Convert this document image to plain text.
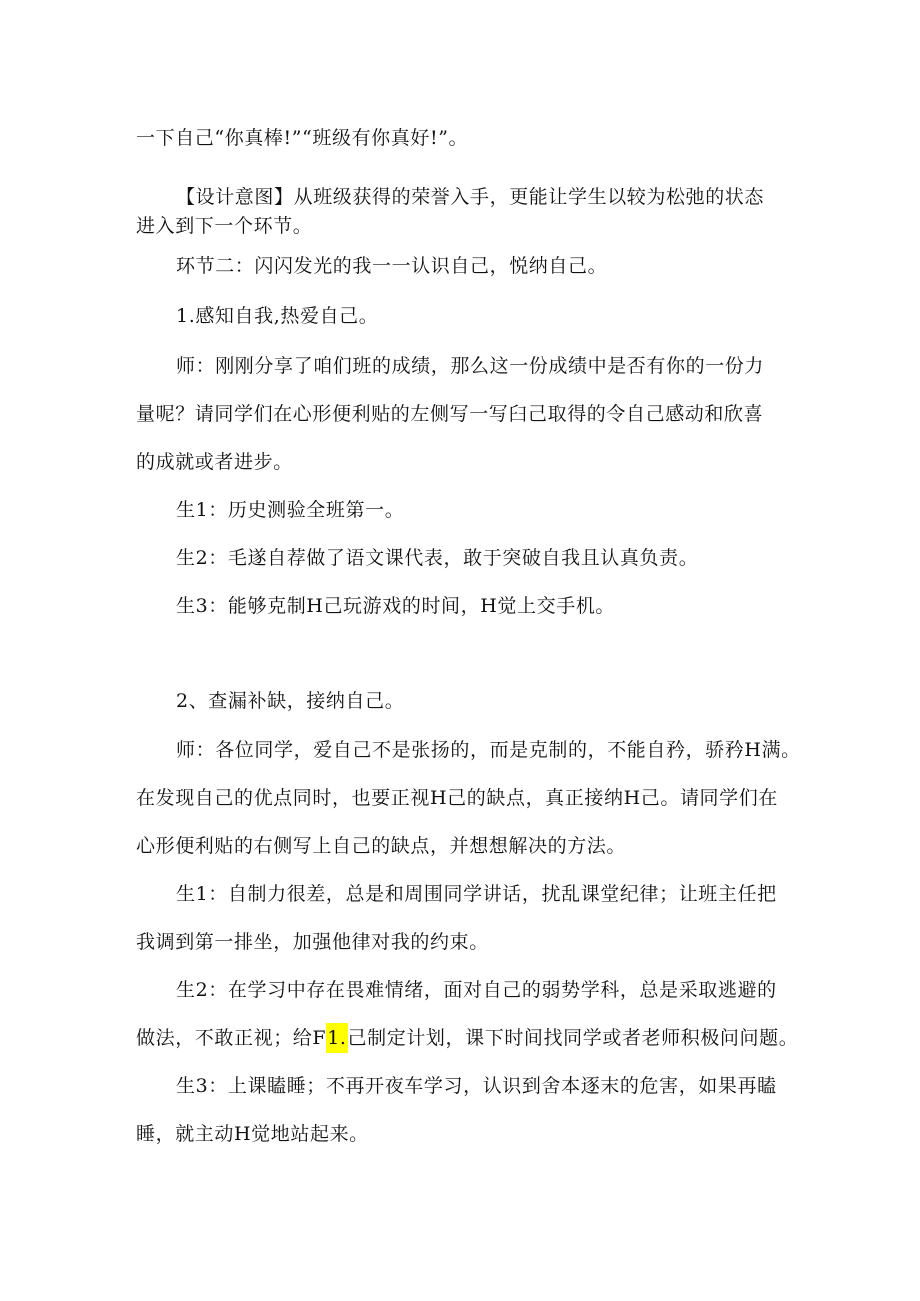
一下自己“你真棒!”“班级有你真好!”。

【设计意图】从班级获得的荣誉入手，更能让学生以较为松弛的状态

进入到下一个环节。

环节二：闪闪发光的我一一认识自己，悦纳自己。

1.感知自我,热爱自己。

师：刚刚分享了咱们班的成绩，那么这一份成绩中是否有你的一份力

量呢？请同学们在心形便利贴的左侧写一写臼己取得的令自己感动和欣喜

的成就或者进步。

生1：历史测验全班第一。

生2：毛遂自荐做了语文课代表，敢于突破自我且认真负责。

生3：能够克制H己玩游戏的时间，H觉上交手机。

2、查漏补缺，接纳自己。

师：各位同学，爱自己不是张扬的，而是克制的，不能自矜，骄矜H满。

在发现自己的优点同时，也要正视H己的缺点，真正接纳H己。请同学们在

心形便利贴的右侧写上自己的缺点，并想想解决的方法。

生1：自制力很差，总是和周围同学讲话，扰乱课堂纪律；让班主任把

我调到第一排坐，加强他律对我的约束。

生2：在学习中存在畏难情绪，面对自己的弱势学科，总是采取逃避的

做法，不敢正视；给F1.己制定计划，课下时间找同学或者老师积极问问题。

生3：上课瞌睡；不再开夜车学习，认识到舍本逐末的危害，如果再瞌

睡，就主动H觉地站起来。
